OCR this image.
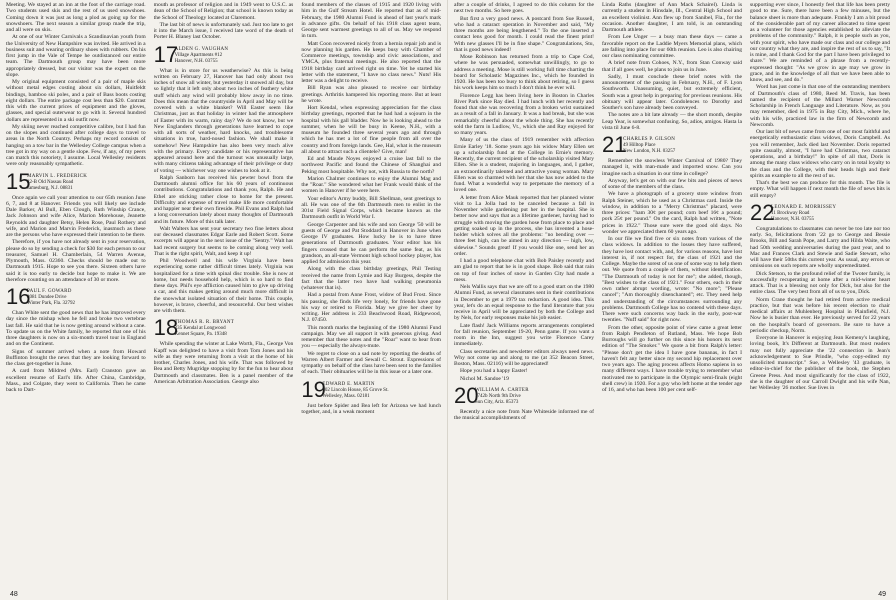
Meeting. We stayed at an inn at the foot of the carriage road. Two students used skis and the rest of us used snowshoes. Coming down it was just as long a plod as going up for the snowshoers. The next season a similar group made the trip, and all were on skis.

At one of our Winter Carnivals a Scandinavian youth from the University of New Hampshire was invited. He arrived in a business suit and wearing ordinary shoes with rubbers. On his first jump in the Vale of Tempe he outdistanced our entire team. The Dartmouth group may have been more appropriately dressed, but our visitor was the expert on the slope.

My original equipment consisted of a pair of maple skis without metal edges costing about six dollars, Huitfeldt bindings, bamboo ski poles, and a pair of Bass boots costing eight dollars. The entire package cost less than $20. Contrast this with the current prices of equipment and the gloves, glasses, and special outerwear to go with it. Several hundred dollars are represented in a ski outfit now.

My skiing never reached competitive calibre, but I had fun on the slopes and continued after college days to travel to areas in the North Country. Perhaps my record consists of hanging on a tow bar in the Wellesley College campus when a tree got in my way on a gentle slope. Few, if any, of my peers can match this notoriety, I assume. Local Wellesley residents were only reasonably sympathetic.

15
MARVIN L. FREDERICK
22-B Old Nassau Road
Jamesburg, N.J. 08831

Once again we call your attention to our 65th reunion June 6, 7, and 8 at Hanover. Friends you will likely see include Dale Barker, Al Bull, Eben Clough, Ruth Winship Crance, Jack Johnson and wife Alice, Marion Morehouse, Jeanette Reynolds and daughter Betsy, Helen Rose, Paul Rothery and wife, and Marion and Marvin Frederick, inasmuch as these are the persons who have expressed their intention to be there.

Therefore, if you have not already sent in your reservation, please do so by sending a check for $30 for each person to our treasurer, Samuel H. Chamberlain, 54 Warren Avenue, Plymouth, Mass. 02360. Checks should be made out to Dartmouth 1915. Hope to see you there. Sixteen others have said it is too early to decide but hope to make it. We are therefore counting on an attendance of 30 or more.

16
PAUL F. GOWARD
2081 Dundee Drive
Winter Park, Fla. 32792

Chan White sent the good news that he has improved every day since the mishap when he fell and broke two vertebrae last fall. He said that he is now getting around without a cane. To update us on the White family, he reported that one of his three daughters is now on a six-month travel tour in England and on the Continent.

Signs of summer arrived when a note from Howard Buffinton brought the news that they are looking forward to the class get-together in June.

A card from Mildred (Mrs. Earl) Cranston gave an excellent resume of Earl's life. After China, Cambridge, Mass., and Colgate, they went to California. Then he came back to Dart-

mouth as professor of religion and in 1949 went to U.S.C. as dean of the School of Religion; that school is known today as the School of Theology located at Claremont.

The last bit of news is unfortunately sad. Just too late to get it into the March issue, I received late word of the death of Porter H. Blaney last October.

17
ALDEN G. VAUGHAN
Village Apartments #12
Hanover, N.H. 03755

What is in store for us weatherwise? As this is being written on February 27, Hanover has had only about two inches of snow all winter, but yesterday it snowed all day, but so lightly that it left only about two inches of feathery white stuff which any wind will probably blow away in no time. Does this mean that the countryside in April and May will be covered with a white blanket? Will Easter seem like Christmas, just as that holiday in winter had the atmosphere of Easter with its warm, rainy day? We do not know, but we New Englanders through generations have learned to cope with all sorts of weather, hard knocks, and troublesome situations in true, hard-nosed fashion. We shall make it somehow! New Hampshire has also been very much alive with the primary. Every candidate or his representative has appeared around here and the turnout was unusually large, with many citizens taking advantage of their privilege or duty of voting — whichever way one wishes to look at it.

Ralph Sanborn has received his pewter bowl from the Dartmouth alumni office for his 60 years of continuous contributions. Congratulations and thank you, Ralph. He and Ethel are sticking rather close to home for the present. Difficulty and expense of travel make life more comfortable and happier near their own fireside. Phil Evans and Ralph had a long conversation lately about many thoughts of Dartmouth and its future. More of this talk later.

Walt Walters has sent your secretary two fine letters about our deceased classmates Edgar Earle and Robert Scott. Some excerpts will appear in the next issue of the "Sentry." Walt has had recent surgery but seems to be coming along very well. That is the right spirit, Walt, and keep it up!

Phil Woodwell and his wife Virginia have been experiencing some rather difficult times lately. Virginia was hospitalized for a time with spinal disc trouble. She is now at home, but needs household help, which is so hard to find these days. Phil's eye affliction caused him to give up driving a car, and this makes getting around much more difficult in the snowwhat isolated situation of their home. This couple, however, is brave, cheerful, and resourceful. Our best wishes are with them.

18
THOMAS R. R. BRYANT
235 Kendal at Longwood
Kennet Square, Pa. 19348

While spending the winter at Lake Worth, Fla., George Von Kapff was delighted to have a visit from Tom Jones and his wife as they were returning from a visit at the home of his brother, Charles Jones, and his wife. That was followed by Bea and Betty Mugridge stopping by for the fun to hear about Dartmouth and classmates. Ben is a panel member of the American Arbitration Association. George also

found members of the classes of 1915 and 1920 living with him in the Gulf Stream Hotel. He reported that as of mid-February, the 1980 Alumni Fund is ahead of last year's mark in advance gifts. On behalf of his 1918 class agent team, George sent warmest greetings to all of us. May we respond in turn.

Matt Coon recovered nicely from a hernia repair job and is now planning his garden. He keeps busy with Chamber of Commerce meetings, township and civic associations, and YMCA, plus fraternal meetings. He also reported that the 1918 birthday card arrived right on time. Yet he started his letter with the statement, "I have no class news." Nuts! His letter was a delight to receive.

Bill Ryan was also pleased to receive our birthday greetings. Arthritis hampered his reporting more. But at least he wrote.

Hort Kendal, when expressing appreciation for the class birthday greetings, reported that he had had a sojourn in the hospital with his gall bladder. Now he is looking ahead to the summer, when he will be busy in Keene, N.H., with a museum he founded three several years ago and through which he has met a lot of fine people from all over the country and from foreign lands. Gee, Hal, what is the museum all about to attract such a clientele? Give, man!

Ed and Maude Noyes enjoyed a cruise last fall to the northwest Pacific and found the Chinese of Shanghai and Peking most hospitable. Why not, with Russia to the north?

Marion Chalmer continues to enjoy the Alumni Mag and the "Roar." She wondered what her Frank would think of the women in Hanover if he were here.

Your editor's Army buddy, Bill Shellman, sent greetings to all. He was one of the 6th Dartmouth men to enlist in the 301st Field Signal Corps, which became known as the Dartmouth outfit in World War I.

George Carpenter and his wife and son George '50 will be guests of George and Pat Stoddard in Hanover in June when George IV graduates. How lucky he is to have three generations of Dartmouth graduates. Your editor has his fingers crossed that he can perform the same feat, as his grandson, an all-state Vermont high school hockey player, has applied for admission this year.

Along with the class birthday greetings, Phil Testing received the name from Lymie and Kay Burgess, despite the fact that the latter two have had walking pneumonia (whatever that is).

Had a postal from Anne Frost, widow of Bud Frost. Since his passing, she finds life very lonely, for friends have gone his way or retired to Florida. May we give her cheer by writing. Her address is 233 Beachwood Road, Ridgewood, N.J. 07450.

This month marks the beginning of the 1980 Alumni Fund campaign. May we all support it with generous giving. And remember that these notes and the "Roar" want to hear from you — especially the always-mute.

We regret to close on a sad note by reporting the deaths of Warren Albert Farmer and Sewall C. Strout. Expressions of sympathy on behalf of the class have been sent to the families of each. Their obituaries will be in this issue or a later one.

19
EDWARD E. MARTIN
402 Lincoln House, 85 Grove St.
Wellesley, Mass. 02181

Just before Spider and Bea left for Arizona we had lunch together, and, in a weak moment

48

after a couple of drinks, I agreed to do this column for the next two months. So here goes.

But first a very good news. A postcard from Sue Russell, who had a cataract operation in November and said, "My three months are being lengthened." To the one inserted a contact lens good for month. I could read the finest print! With new glasses I'll be in fine shape." Congratulations, Stu, that is good news indeed!

Mose Robinson has returned from a trip to Cape Cod, where he was persuaded, somewhat unwillingly, to go to address a meeting. Mose is still working full time charting the board for Scholastic Magazines Inc., which he founded in 1920. He has been too busy to think about retiring, so I guess his work keeps him so much I don't think he ever will.

Florence Legg has been living here in Boston in Charles River Park since Ray died. I had lunch with her recently and found that she was recovering from a broken wrist sustained as a result of a fall in January. It was a bad break, but she was remarkably cheerful about the whole thing. She has recently sold the farm in Ludlow, Vt., which she and Ray enjoyed for so many years.

Many of us the class of 1919 remember with affection Ernie Earley '18. Some years ago his widow Mary Ellen set up a scholarship fund at the College in Ernie's memory. Recently, the current recipient of the scholarship visited Mary Ellen. She is a student, majoring in languages, and, I gather, an extraordinarily talented and attractive young woman. Mary Ellen was so charmed with her that she has now added to the fund. What a wonderful way to perpetuate the memory of a loved one.

A letter from Alice Mauk reported that her planned winter visit to La Jolla had to be canceled because a fall in November while gardening put her in the hospital. She is better now and says that as a lifetime gardener, having had to struggle with moving the garden hose from place to place and getting soaked up in the process, she has invented a hose-holder which solves all the problems: "no bending over — three feet high, can be aimed in any direction — high, low, sidewise." Sounds great! If you would like one, send her an order.

I had a good telephone chat with Bob Paisley recently and am glad to report that he is in good shape. Bob said that rain on top of four inches of snow in Garden City had made a mess.

Nels Wallis says that we are off to a good start on the 1980 Alumni Fund, as several classmates sent in their contributions in December to get a 1979 tax reduction. A good idea. This year, let's do an equal response to the fund literature that you receive in April will be appreciated by both the College and by Nels, for early responses make his job easier.

Late flash! Jack Williams reports arrangements completed for fall reunion, September 19-20, Penn game. If you want a room in the Inn, suggest you write Florence Carey immediately.

Class secretaries and newsletter editors always need news. Why not come up and along to me (at 352 Beacon Street, Boston, Mass. 02116) will be appreciated!

Hope you had a happy Easter!

Nichol M. Sandoe '19

20
WILLIAM A. CARTER
1742b North 9th Drive
Sun City, Ariz. 85373

Recently a nice note from Nate Whiteside informed me of the musical accomplishments of

Linda Raths (daughter of Ann Mack Schairel). Linda is currently a student in Hinsdale, Ill., Central High School and an excellent violinist. Ann flew up from Sanibel, Fla., for the occasion. Another daughter, I am told, is an outstanding Dartmouth athlete.

From Lee Unger — a busy man these days — came a favorable report on the Laddie Myers Memorial plans, which are falling into place for our 60th reunion. Leo is also chairing our class nominating committee.

A brief note from Cohoes, N.Y., from Stan Conway said that if all goes well, he plans to join us in June.

Sadly, I must conclude these brief notes with the announcement of the passing in February, N.H., of F. Lyon Southworth. Unassuming, quiet, but extremely efficient, South was a great help in preparing for previous reunions. His obituary will appear later. Condolences to Dorothy and Souther's son have already been conveyed.

The notes are a bit late already — the short month, despite Leap Year, is somewhat confusing. So, adios, amigos. Hasta la vista til June 6-8.

21
CHARLES P. GILSON
49 Hilltop Place
New London, N.H. 03257

Remember the snowless Winter Carnival of 1980? They managed it, with man-made and imported snow. Can you imagine such a situation in our time in college?

Anyway, let's get on with our few bits and pieces of news of some of the members of the class.

We have a photograph of a grocery store window from Ralph Steiner, which he used as a Christmas card. Inside the window, in addition to a "Merry Christmas" placard, were three prices: "ham 30¢ per pound; corn beef 16¢ a pound; pork 25¢ per pound." On the card, Ralph had written, "Note prices in 1922." Those sure were the good old days. No wonder we appreciated them 60 years ago.

In our file we find five or six notes from various of the class widows. In addition to the losses they have suffered, they have lost contact with, and, for various reasons, have lost interest in, if not respect for, the class of 1921 and the College. Maybe the sorest of us one of some way to help them out. We quote from a couple of them, without identification. "The Dartmouth of today is not for me"; she added, though, "Best wishes to the class of 1921." Four others, each in their own rather abrupt wording, wrote: "No more"; "Please cancel"; "Am thoroughly disenchanted"; etc. They need help and understanding of the circumstances surrounding any problems. Dartmouth College has no contend with these days. There were such concerns way back in the early, post-war twenties. "Nuff said" for right now.

From the other, opposite point of view came a great letter from Ralph Pendleton of Rutland, Mass. We hope Bob Burroughs will go further on this since his honors its next edition of "The Smoker." We quote a bit from Ralph's letter: "Please don't get the idea I have gone bananas, in fact I haven't felt any better since my second hip replacement over two years ago. The aging process affects Homo sapiens in so many different ways. I have trouble trying to remember what motivated me to participate in the Olympic semi-finals (eight shell crew) in 1920. For a guy who left home at the tender age of 16, and who has been 100 per cent self-

supporting ever since, I honestly feel that life has been pretty good to me. Sure, there have been a few minuses, but the balance sheet is more than adequate. Frankly I am a bit proud of the considerable part of my career allocated to time spent as a volunteer for those agencies established to alleviate the problems of the community." Ralph, it is people such as you, with your spirit, who have made our class and our college and our country what they are, and inspire the rest of us to say, "It is mine, and I thank God for the part I have been privileged to share." We are reminded of a phrase from a recently-expressed thought: "As we grow in age may we grow in grace, and in the knowledge of all that we have been able to know, and see, and do."

Word has just come in that one of the outstanding members of Dartmouth's class of 1980, Reed M. Travis, has been named the recipient of the Millard Warner Newcomb Scholarship in French Language and Literature. Now, as you may remember, died in 1975 in Bay City, Mich., where he, with his wife, practiced law in the firm of Newcomb and Newcomb.

Our last bit of news came from one of our most faithful and energetically enthusiastic class widows, Doris Campbell. As you will remember, Jack died last November. Doris reported quite casually, almost, "I have had Christmas, two cataract operations, and a birthday!" In spite of all that, Doris is among the many class widows who carry on in total loyalty to the class and the College, with their heads high and their spirits an example to all the rest of us.

That's the best we can produce for this month. The file is empty. What will happen if next month the file of news bits is still empty?

22
LEONARD E. MORRISSEY
11 Brockway Road
Hanover, N.H. 03755

Congratulations to classmates can never be too late nor too early. So, felicitations from '22 go to George and Bessie Brooks, Bill and Sarah Pope, and Larry and Hilda Waite, who had 50th wedding anniversaries during the past year, and to Mac and Frances Clark and Stewie and Sadie Stewart, who will have their 50ths this current year. As usual, any errors or omissions on such reports are wholly unpremeditated.

Dick Stetson, to the profound relief of the Twoter family, is successfully recuperating at home after a mid-winter heart attack. That is a blessing not only for Dick, but also for the entire class. The very best from all of us to you, Dick.

Norm Crane thought he had retired from active medical practice, but that was before his recent election to chair medical affairs at Muhlenberg Hospital in Plainfield, N.J. Now he is busier than ever. He previously served for 22 years on the hospital's board of governors. Be sure to have a periodic checkup, Norm.

Everyone in Hanover is enjoying Jean Kemeny's laughing, loving book, It's Different at Dartmouth. But most readers may not fully appreciate the '22 connection in Jean's acknowledgement to Sue Prindle, "who copy-edited my unsolicited manuscript." Sue, a Wellesley '43 graduate, is editor-in-chief for the publisher of the book, the Stephen Greene Press. And most significantly for the class of 1922, she is the daughter of our Carroll Dwight and his wife Nan, her Wellesley '26 mother. Sue lives in

49
